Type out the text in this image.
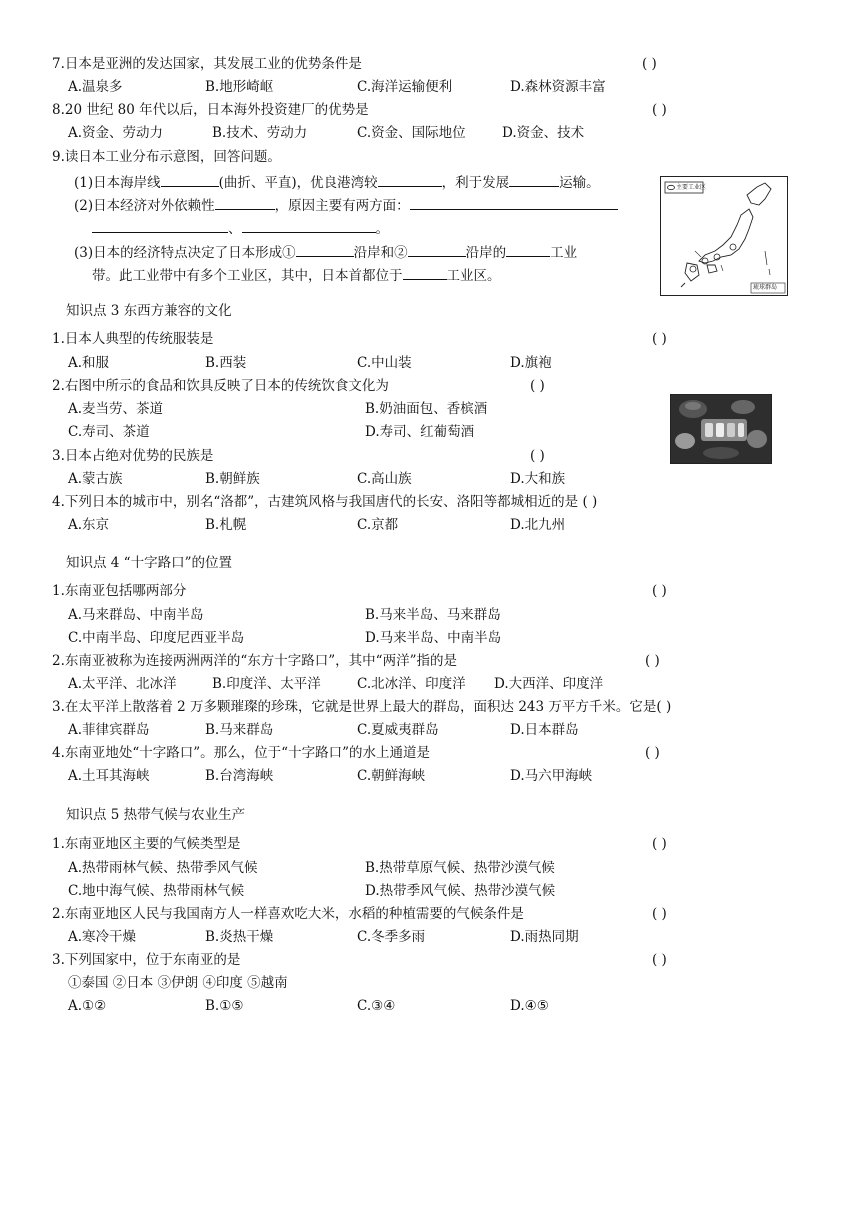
7.日本是亚洲的发达国家，其发展工业的优势条件是	( )
A.温泉多	B.地形崎岖	C.海洋运输便利	D.森林资源丰富
8.20 世纪 80 年代以后，日本海外投资建厂的优势是	( )
A.资金、劳动力	B.技术、劳动力	C.资金、国际地位	D.资金、技术
9.读日本工业分布示意图，回答问题。
(1)日本海岸线	(曲折、平直)，优良港湾较	，利于发展	运输。
(2)日本经济对外依赖性	，原因主要有两方面：
、	。
(3)日本的经济特点决定了日本形成①	沿岸和②	沿岸的	工业
带。此工业带中有多个工业区，其中，日本首都位于	工业区。
主要工业区
琉球群岛
知识点 3 东西方兼容的文化
1.日本人典型的传统服装是	( )
A.和服	B.西装	C.中山装	D.旗袍
2.右图中所示的食品和饮具反映了日本的传统饮食文化为	( )
A.麦当劳、茶道	B.奶油面包、香槟酒
C.寿司、茶道	D.寿司、红葡萄酒
3.日本占绝对优势的民族是	( )
A.蒙古族	B.朝鲜族	C.高山族	D.大和族
4.下列日本的城市中，别名“洛都”，古建筑风格与我国唐代的长安、洛阳等都城相近的是 ( )
A.东京	B.札幌	C.京都	D.北九州
知识点 4 “十字路口”的位置
1.东南亚包括哪两部分	( )
A.马来群岛、中南半岛	B.马来半岛、马来群岛
C.中南半岛、印度尼西亚半岛	D.马来半岛、中南半岛
2.东南亚被称为连接两洲两洋的“东方十字路口”，其中“两洋”指的是	( )
A.太平洋、北冰洋	B.印度洋、太平洋	C.北冰洋、印度洋 D.大西洋、印度洋
3.在太平洋上散落着 2 万多颗璀璨的珍珠，它就是世界上最大的群岛，面积达 243 万平方千米。它是( )
A.菲律宾群岛	B.马来群岛	C.夏威夷群岛	D.日本群岛
4.东南亚地处“十字路口”。那么，位于“十字路口”的水上通道是	( )
A.土耳其海峡	B.台湾海峡	C.朝鲜海峡	D.马六甲海峡
知识点 5 热带气候与农业生产
1.东南亚地区主要的气候类型是	( )
A.热带雨林气候、热带季风气候	B.热带草原气候、热带沙漠气候
C.地中海气候、热带雨林气候	D.热带季风气候、热带沙漠气候
2.东南亚地区人民与我国南方人一样喜欢吃大米，水稻的种植需要的气候条件是	( )
A.寒冷干燥	B.炎热干燥	C.冬季多雨	D.雨热同期
3.下列国家中，位于东南亚的是	( )
①泰国 ②日本 ③伊朗 ④印度 ⑤越南
A.①②	B.①⑤	C.③④	D.④⑤
